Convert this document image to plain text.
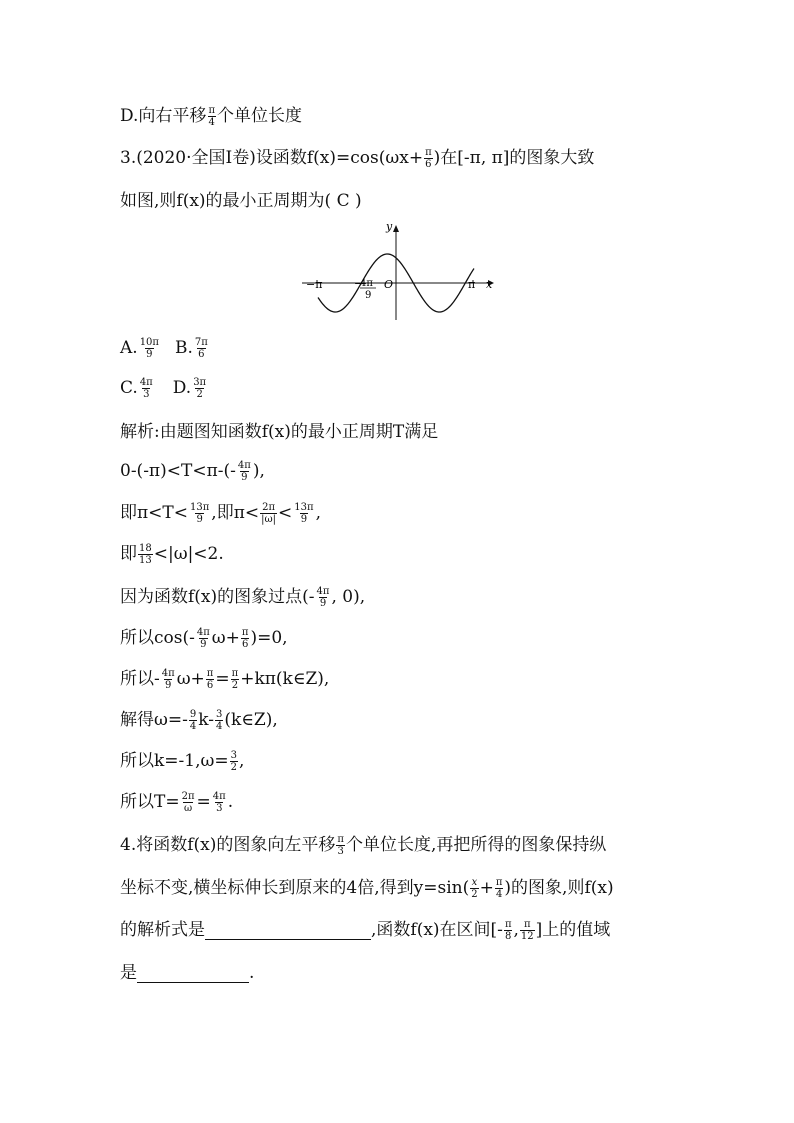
D.向右平移 $\frac{\pi}{4}$ 个单位长度
3.(2020·全国Ⅰ卷)设函数$f(x)=\cos(\omega x+ \frac{\pi}{6}$ )在[-π, π]的图象大致
如图,则f(x)的最小正周期为( C )
y
x
O
−π	π
−
4π
9
A. $\frac{10\pi}{9} B$. $\frac{7\pi}{6}$
C. $\frac{4\pi}{3} D$. $\frac{3\pi}{2}$
解析:由题图知函数f(x)的最小正周期T满足
$0-(-\pi)<T<\pi-(- \frac{4\pi}{9}$ ),
即$\pi<T< \frac{13\pi}{9}$ ,即$\pi< \frac{2\pi}{|\omega|} < \frac{13\pi}{9}$ ,
即 $\frac{18}{13} <|\omega|<2$.
因为函数f(x)的图象过点(- $\frac{4\pi}{9}$ , 0),
所以$\cos(- \frac{4\pi}{9} \omega+ \frac{\pi}{6} )=0$,
所以- $\frac{4\pi}{9} \omega+ \frac{\pi}{6} = \frac{\pi}{2}$ +kπ(k∈Z),
解得$\omega=- \frac{9}{4} k- \frac{3}{4}$ (k∈Z),
所以$k=-1,\omega= \frac{3}{2}$ ,
所以$T= \frac{2\pi}{\omega} = \frac{4\pi}{3}$ .
4.将函数f(x)的图象向左平移 $\frac{\pi}{3}$ 个单位长度,再把所得的图象保持纵
坐标不变,横坐标伸长到原来的4倍,得到$y=\sin( \frac{x}{2} + \frac{\pi}{4}$ )的图象,则f(x)
的解析式是	,函数f(x)在区间[- $\frac{\pi}{8}$ , $\frac{\pi}{12}$ ]上的值域
是	.
